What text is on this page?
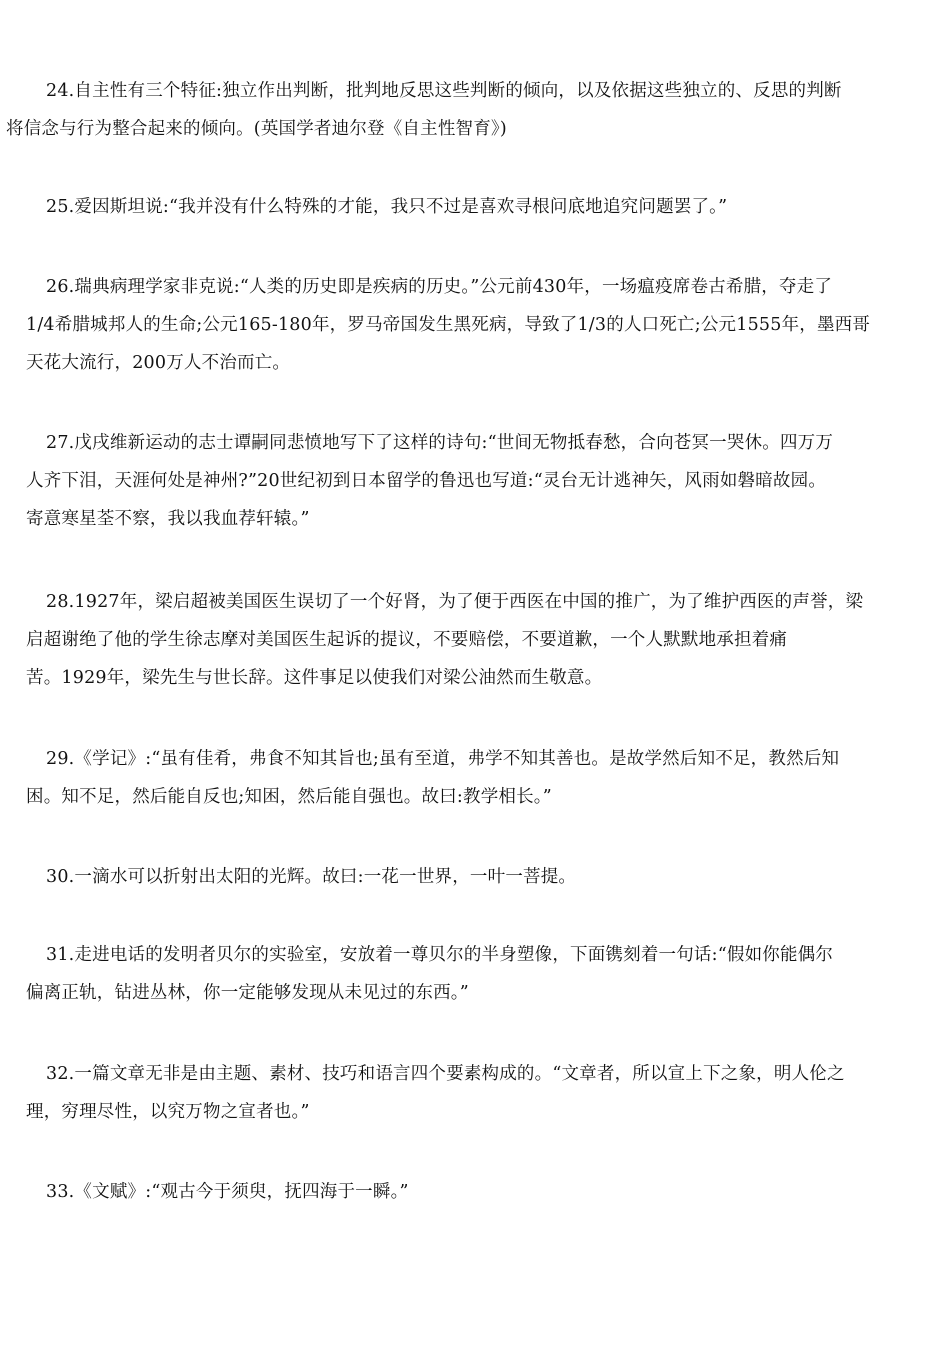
24.自主性有三个特征:独立作出判断，批判地反思这些判断的倾向，以及依据这些独立的、反思的判断
将信念与行为整合起来的倾向。(英国学者迪尔登《自主性智育》)

25.爱因斯坦说:“我并没有什么特殊的才能，我只不过是喜欢寻根问底地追究问题罢了。”

26.瑞典病理学家非克说:“人类的历史即是疾病的历史。”公元前430年，一场瘟疫席卷古希腊，夺走了
1/4希腊城邦人的生命;公元165-180年，罗马帝国发生黑死病，导致了1/3的人口死亡;公元1555年，墨西哥
天花大流行，200万人不治而亡。

27.戊戌维新运动的志士谭嗣同悲愤地写下了这样的诗句:“世间无物抵春愁，合向苍冥一哭休。四万万
人齐下泪，天涯何处是神州?”20世纪初到日本留学的鲁迅也写道:“灵台无计逃神矢，风雨如磐暗故园。
寄意寒星荃不察，我以我血荐轩辕。”

28.1927年，梁启超被美国医生误切了一个好肾，为了便于西医在中国的推广，为了维护西医的声誉，梁
启超谢绝了他的学生徐志摩对美国医生起诉的提议，不要赔偿，不要道歉，一个人默默地承担着痛
苦。1929年，梁先生与世长辞。这件事足以使我们对梁公油然而生敬意。

29.《学记》:“虽有佳肴，弗食不知其旨也;虽有至道，弗学不知其善也。是故学然后知不足，教然后知
困。知不足，然后能自反也;知困，然后能自强也。故曰:教学相长。”

30.一滴水可以折射出太阳的光辉。故曰:一花一世界，一叶一菩提。

31.走进电话的发明者贝尔的实验室，安放着一尊贝尔的半身塑像，下面镌刻着一句话:“假如你能偶尔
偏离正轨，钻进丛林，你一定能够发现从未见过的东西。”

32.一篇文章无非是由主题、素材、技巧和语言四个要素构成的。“文章者，所以宣上下之象，明人伦之
理，穷理尽性，以究万物之宣者也。”

33.《文赋》:“观古今于须臾，抚四海于一瞬。”
